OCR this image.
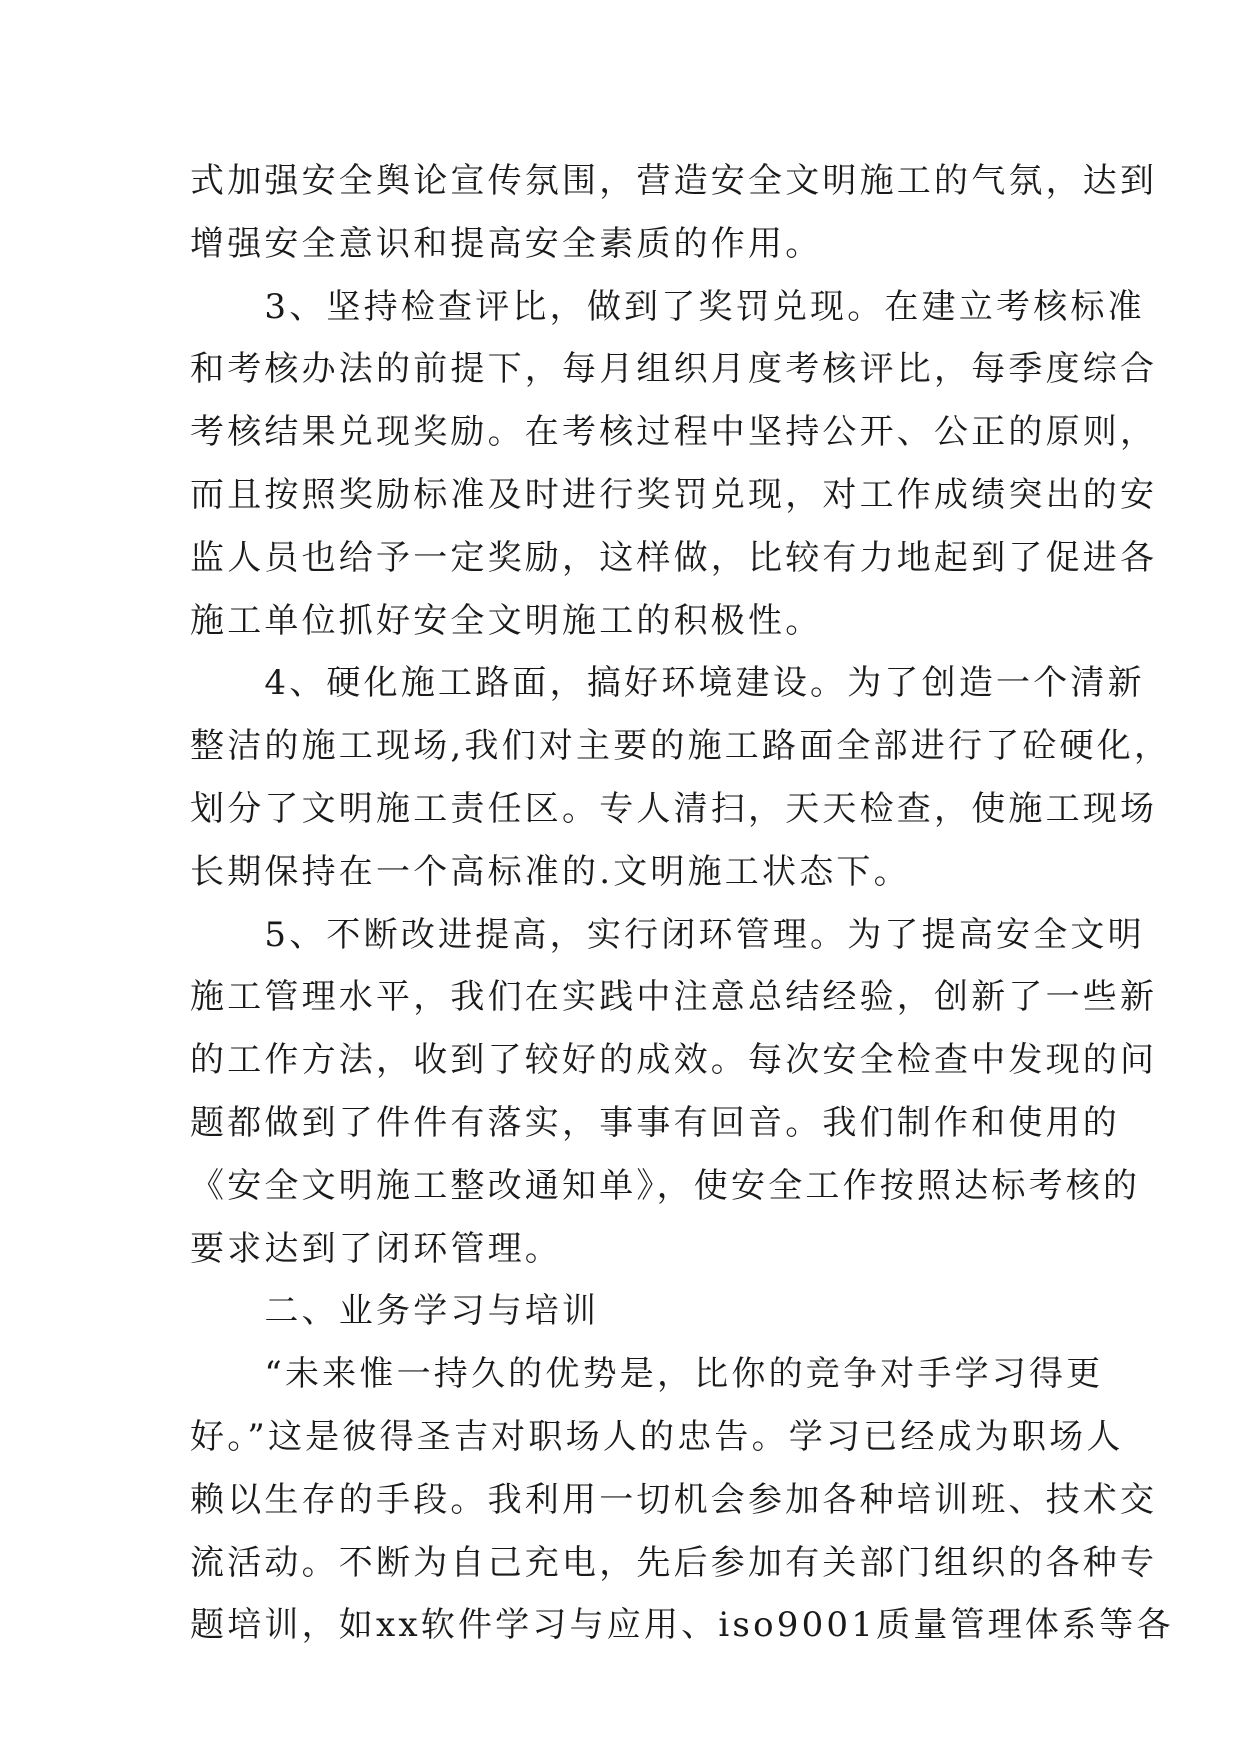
式加强安全舆论宣传氛围，营造安全文明施工的气氛，达到
增强安全意识和提高安全素质的作用。
　　3、坚持检查评比，做到了奖罚兑现。在建立考核标准
和考核办法的前提下，每月组织月度考核评比，每季度综合
考核结果兑现奖励。在考核过程中坚持公开、公正的原则，
而且按照奖励标准及时进行奖罚兑现，对工作成绩突出的安
监人员也给予一定奖励，这样做，比较有力地起到了促进各
施工单位抓好安全文明施工的积极性。
　　4、硬化施工路面，搞好环境建设。为了创造一个清新
整洁的施工现场,我们对主要的施工路面全部进行了砼硬化，
划分了文明施工责任区。专人清扫，天天检查，使施工现场
长期保持在一个高标准的.文明施工状态下。
　　5、不断改进提高，实行闭环管理。为了提高安全文明
施工管理水平，我们在实践中注意总结经验，创新了一些新
的工作方法，收到了较好的成效。每次安全检查中发现的问
题都做到了件件有落实，事事有回音。我们制作和使用的
《安全文明施工整改通知单》，使安全工作按照达标考核的
要求达到了闭环管理。
　　二、业务学习与培训
　　“未来惟一持久的优势是，比你的竞争对手学习得更
好。”这是彼得圣吉对职场人的忠告。学习已经成为职场人
赖以生存的手段。我利用一切机会参加各种培训班、技术交
流活动。不断为自己充电，先后参加有关部门组织的各种专
题培训，如xx软件学习与应用、iso9001质量管理体系等各
